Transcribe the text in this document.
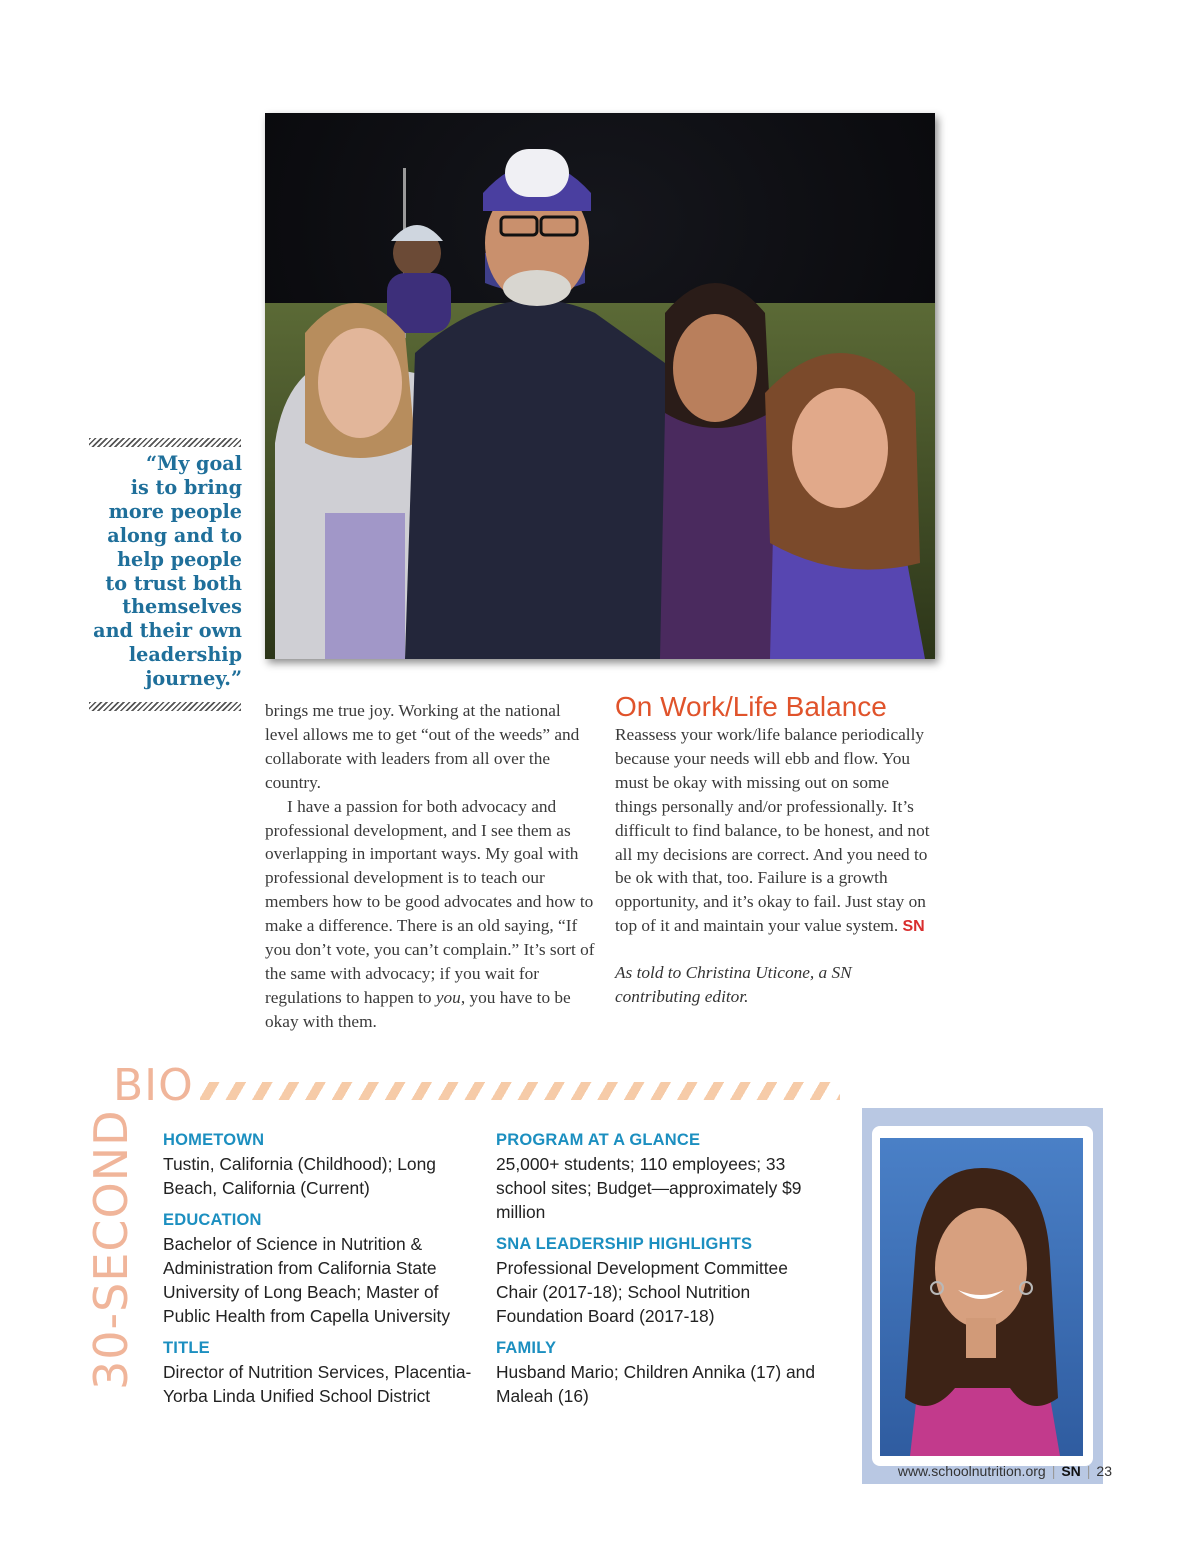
“My goal
is to bring
more people
along and to
help people
to trust both
themselves
and their own
leadership
journey.”

brings me true joy. Working at the national level allows me to get “out of the weeds” and collaborate with leaders from all over the country.

I have a passion for both advocacy and professional development, and I see them as overlapping in important ways. My goal with professional development is to teach our members how to be good advocates and how to make a difference. There is an old saying, “If you don’t vote, you can’t complain.” It’s sort of the same with advocacy; if you wait for regulations to happen to you, you have to be okay with them.

On Work/Life Balance

Reassess your work/life balance periodically because your needs will ebb and flow. You must be okay with missing out on some things personally and/or professionally. It’s difficult to find balance, to be honest, and not all my decisions are correct. And you need to be ok with that, too. Failure is a growth opportunity, and it’s okay to fail. Just stay on top of it and maintain your value system. SN

As told to Christina Uticone, a SN contributing editor.
BIO
30-SECOND HOMETOWN

Tustin, California (Childhood); Long Beach, California (Current)

EDUCATION

Bachelor of Science in Nutrition & Administration from California State University of Long Beach; Master of Public Health from Capella University

TITLE

Director of Nutrition Services, Placentia-Yorba Linda Unified School District

PROGRAM AT A GLANCE

25,000+ students; 110 employees; 33 school sites; Budget—approximately $9 million

SNA LEADERSHIP HIGHLIGHTS

Professional Development Committee Chair (2017-18); School Nutrition Foundation Board (2017-18)

FAMILY

Husband Mario; Children Annika (17) and Maleah (16)

www.schoolnutrition.org | SN | 23
